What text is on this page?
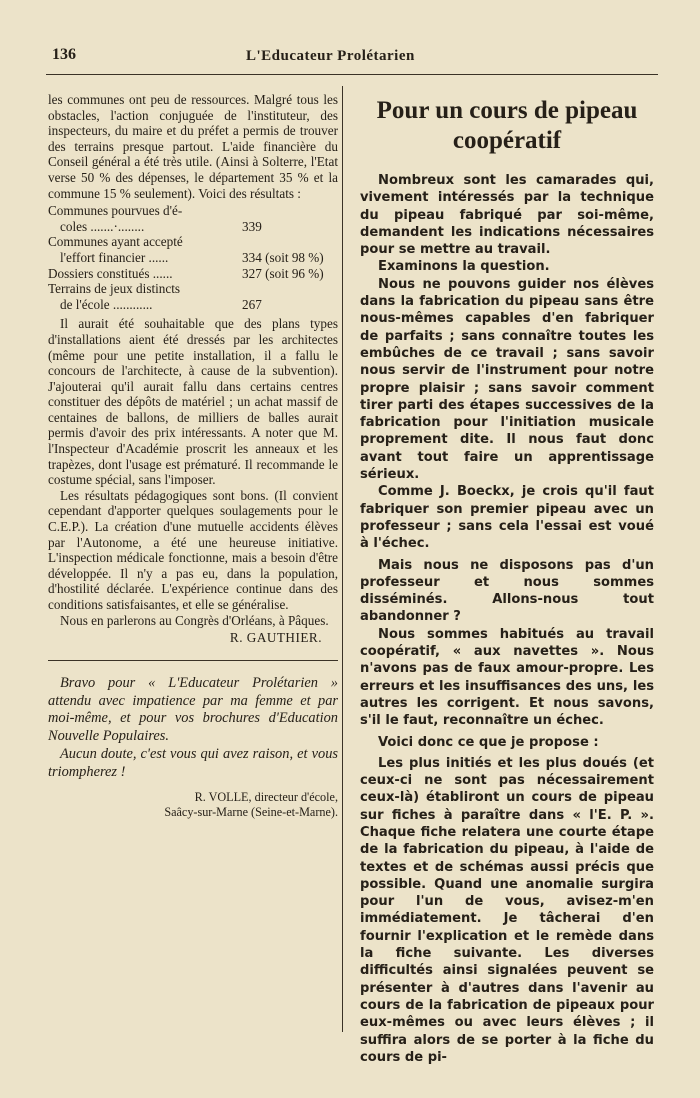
136	L'Educateur Prolétarien

les communes ont peu de ressources. Malgré tous les obstacles, l'action conjuguée de l'instituteur, des inspecteurs, du maire et du préfet a permis de trouver des terrains presque partout. L'aide financière du Conseil général a été très utile. (Ainsi à Solterre, l'Etat verse 50 % des dépenses, le département 35 % et la commune 15 % seulement). Voici des résultats :

Communes pourvues d'é-
coles .......·........	339
Communes ayant accepté
l'effort financier ......	334 (soit 98 %)
Dossiers constitués ......	327 (soit 96 %)
Terrains de jeux distincts
de l'école ............	267

Il aurait été souhaitable que des plans types d'installations aient été dressés par les architectes (même pour une petite installation, il a fallu le concours de l'architecte, à cause de la subvention). J'ajouterai qu'il aurait fallu dans certains centres constituer des dépôts de matériel ; un achat massif de centaines de ballons, de milliers de balles aurait permis d'avoir des prix intéressants. A noter que M. l'Inspecteur d'Académie proscrit les anneaux et les trapèzes, dont l'usage est prématuré. Il recommande le costume spécial, sans l'imposer.

Les résultats pédagogiques sont bons. (Il convient cependant d'apporter quelques soulagements pour le C.E.P.). La création d'une mutuelle accidents élèves par l'Autonome, a été une heureuse initiative. L'inspection médicale fonctionne, mais a besoin d'être développée. Il n'y a pas eu, dans la population, d'hostilité déclarée. L'expérience continue dans des conditions satisfaisantes, et elle se généralise.

Nous en parlerons au Congrès d'Orléans, à Pâques.

R. GAUTHIER.

Bravo pour « L'Educateur Prolétarien » attendu avec impatience par ma femme et par moi-même, et pour vos brochures d'Education Nouvelle Populaires.

Aucun doute, c'est vous qui avez raison, et vous triompherez !

R. VOLLE, directeur d'école,
Saâcy-sur-Marne (Seine-et-Marne).
Pour un cours de pipeau coopératif

Nombreux sont les camarades qui, vivement intéressés par la technique du pipeau fabriqué par soi-même, demandent les indications nécessaires pour se mettre au travail.

Examinons la question.

Nous ne pouvons guider nos élèves dans la fabrication du pipeau sans être nous-mêmes capables d'en fabriquer de parfaits ; sans connaître toutes les embûches de ce travail ; sans savoir nous servir de l'instrument pour notre propre plaisir ; sans savoir comment tirer parti des étapes successives de la fabrication pour l'initiation musicale proprement dite. Il nous faut donc avant tout faire un apprentissage sérieux.

Comme J. Boeckx, je crois qu'il faut fabriquer son premier pipeau avec un professeur ; sans cela l'essai est voué à l'échec.

Mais nous ne disposons pas d'un professeur et nous sommes disséminés. Allons-nous tout abandonner ?

Nous sommes habitués au travail coopératif, « aux navettes ». Nous n'avons pas de faux amour-propre. Les erreurs et les insuffisances des uns, les autres les corrigent. Et nous savons, s'il le faut, reconnaître un échec.

Voici donc ce que je propose :

Les plus initiés et les plus doués (et ceux-ci ne sont pas nécessairement ceux-là) établiront un cours de pipeau sur fiches à paraître dans « l'E. P. ». Chaque fiche relatera une courte étape de la fabrication du pipeau, à l'aide de textes et de schémas aussi précis que possible. Quand une anomalie surgira pour l'un de vous, avisez-m'en immédiatement. Je tâcherai d'en fournir l'explication et le remède dans la fiche suivante. Les diverses difficultés ainsi signalées peuvent se présenter à d'autres dans l'avenir au cours de la fabrication de pipeaux pour eux-mêmes ou avec leurs élèves ; il suffira alors de se porter à la fiche du cours de pi-
